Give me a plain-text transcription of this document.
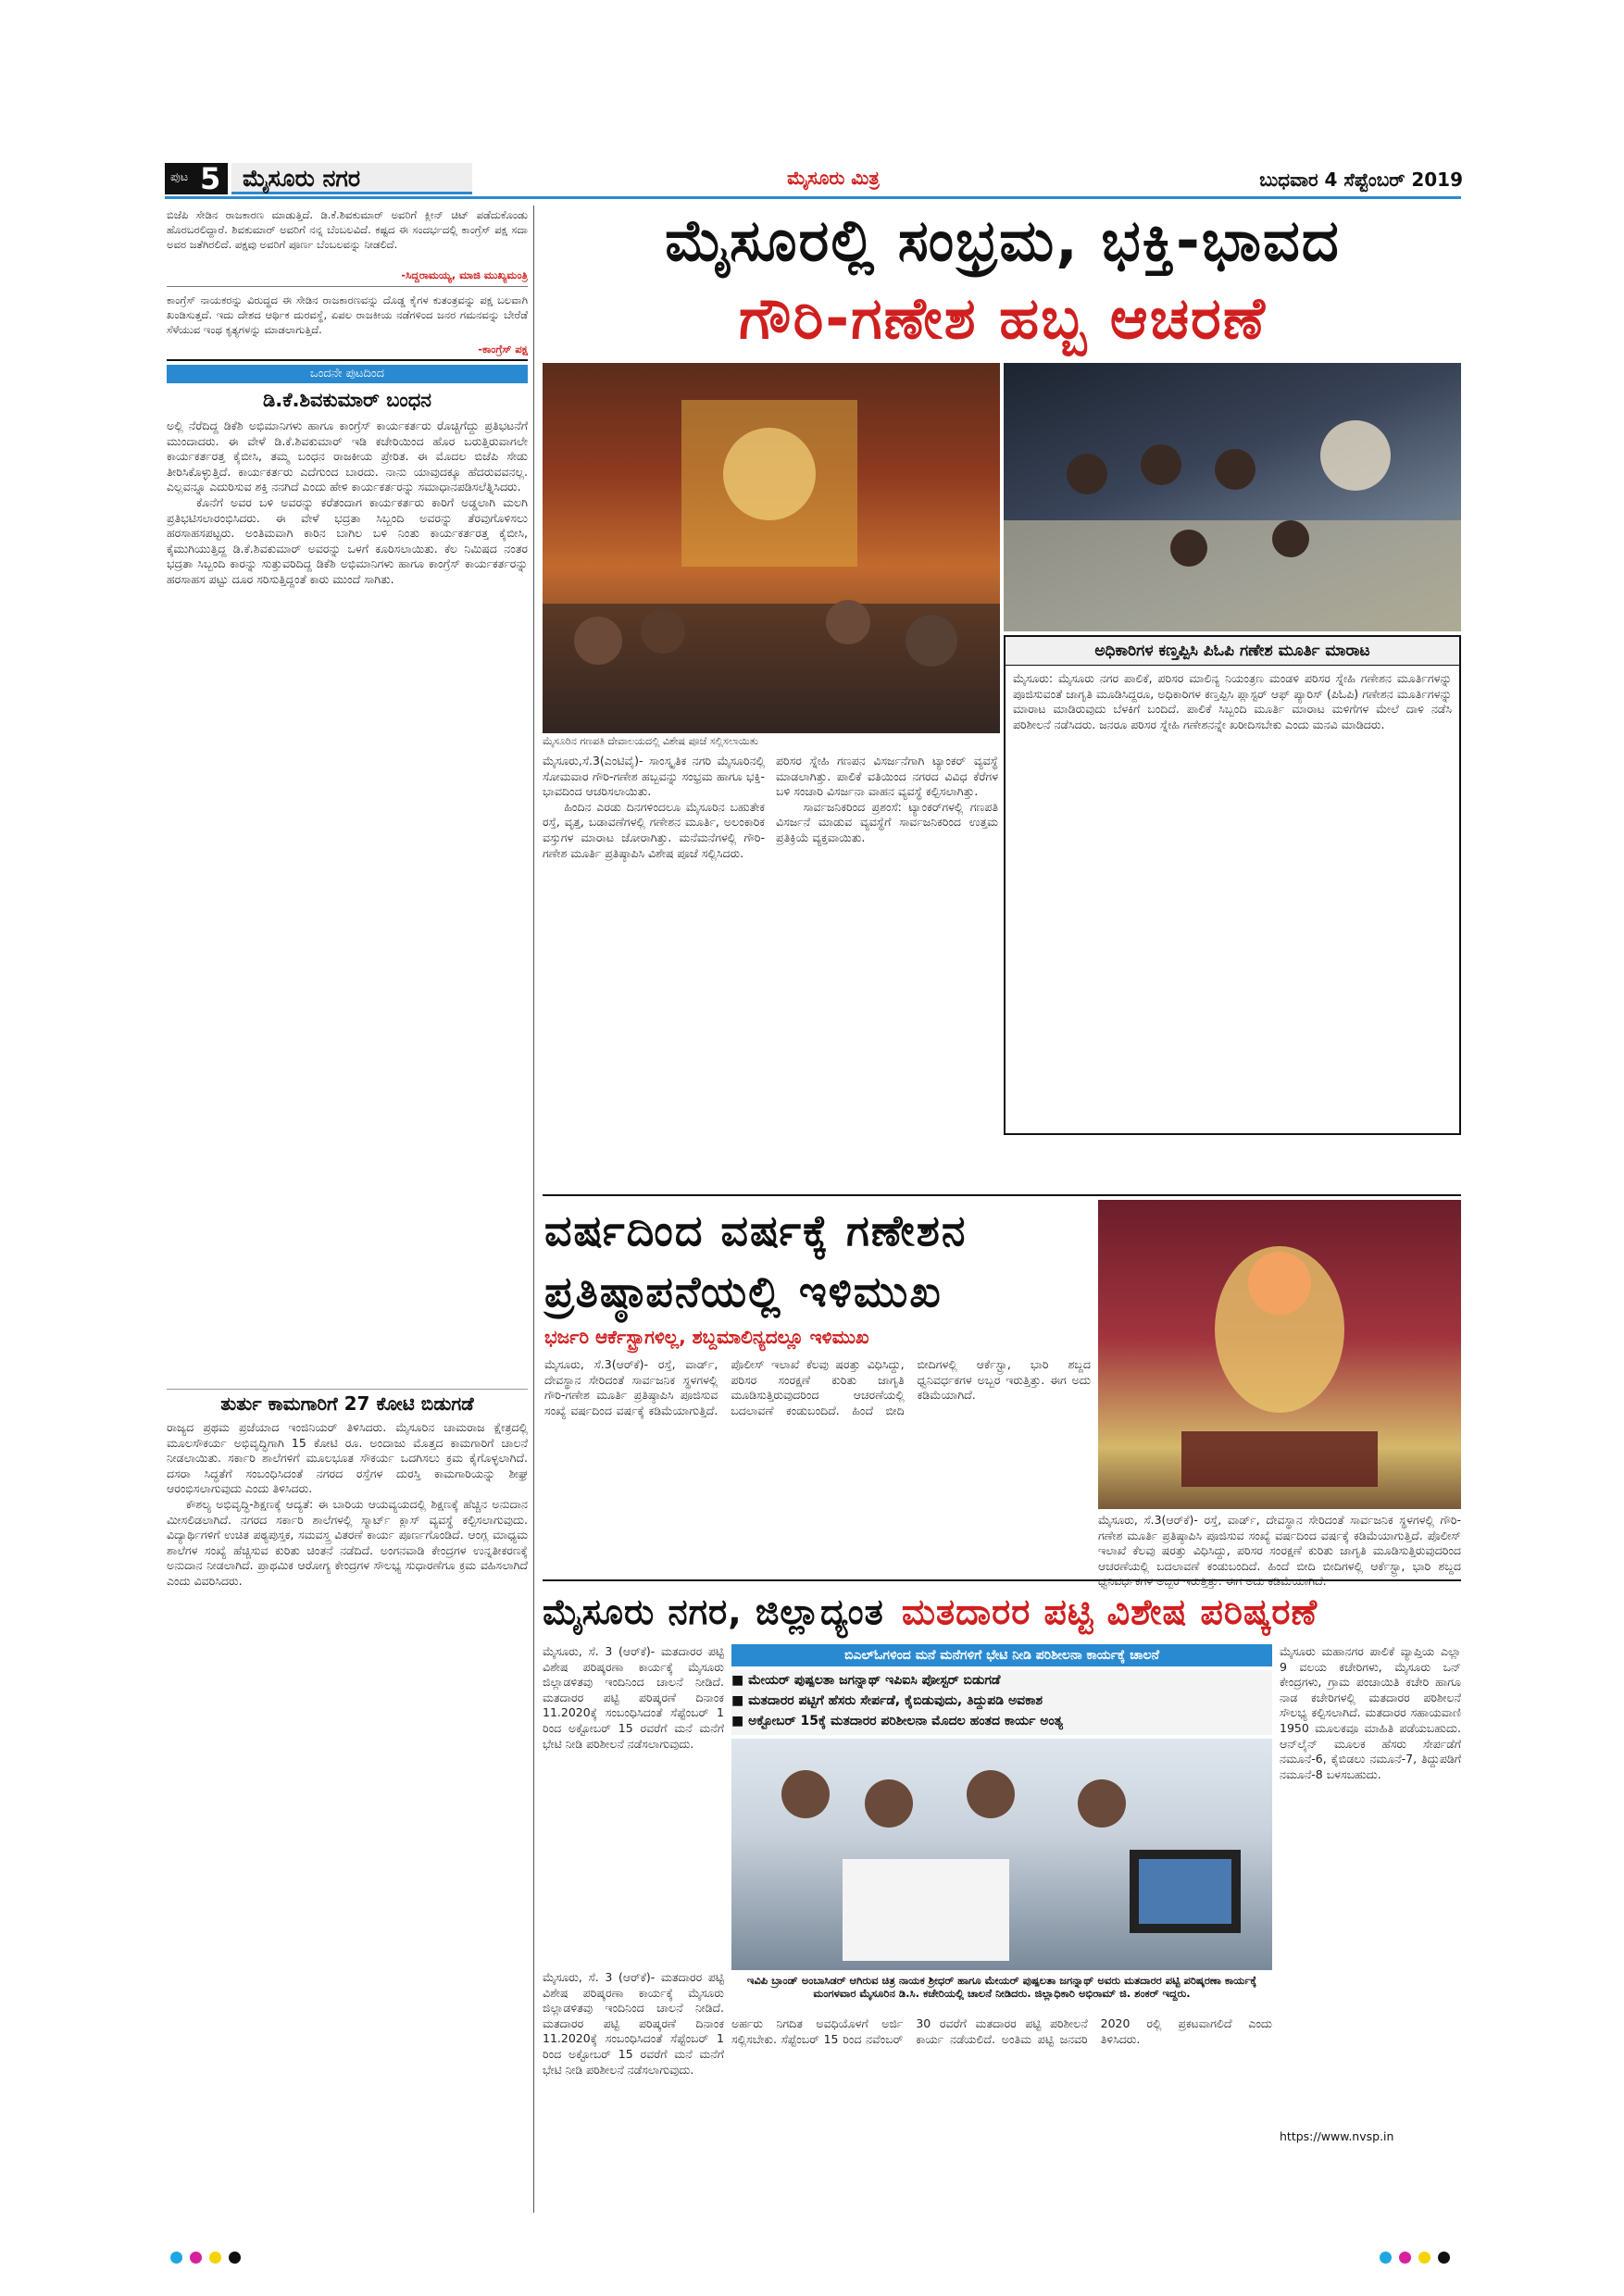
ಪುಟ 5 ಮೈಸೂರು ನಗರ	ಮೈಸೂರು ಮಿತ್ರ	ಬುಧವಾರ 4 ಸೆಪ್ಟೆಂಬರ್ 2019
ಬಿಜೆಪಿ ಸೇಡಿನ ರಾಜಕಾರಣ ಮಾಡುತ್ತಿದೆ. ಡಿ.ಕೆ.ಶಿವಕುಮಾರ್ ಅವರಿಗೆ ಕ್ಲೀನ್ ಚಿಟ್ ಪಡೆದುಕೊಂಡು ಹೊರಬರಲಿದ್ದಾರೆ. ಶಿವಕುಮಾರ್ ಅವರಿಗೆ ನನ್ನ ಬೆಂಬಲವಿದೆ. ಕಷ್ಟದ ಈ ಸಂದರ್ಭದಲ್ಲಿ ಕಾಂಗ್ರೆಸ್ ಪಕ್ಷ ಸದಾ ಅವರ ಜತೆಗಿರಲಿದೆ. ಪಕ್ಷವು ಅವರಿಗೆ ಪೂರ್ಣ ಬೆಂಬಲವನ್ನು ನೀಡಲಿದೆ.
-ಸಿದ್ದರಾಮಯ್ಯ, ಮಾಜಿ ಮುಖ್ಯಮಂತ್ರಿ
ಕಾಂಗ್ರೆಸ್ ನಾಯಕರನ್ನು ವಿರುದ್ಧದ ಈ ಸೇಡಿನ ರಾಜಕಾರಣವನ್ನು ದೊಡ್ಡ ಕೈಗಳ ಕುತಂತ್ರವನ್ನು ಪಕ್ಷ ಬಲವಾಗಿ ಖಂಡಿಸುತ್ತದೆ. ಇದು ದೇಶದ ಆರ್ಥಿಕ ದುರವಸ್ಥೆ, ಏಪಲ ರಾಜಕೀಯ ನಡೆಗಳಿಂದ ಜನರ ಗಮನವನ್ನು ಬೇರೆಡೆ ಸೆಳೆಯುವ ಇಂಥ ಕೃತ್ಯಗಳನ್ನು ಮಾಡಲಾಗುತ್ತಿದೆ.
-ಕಾಂಗ್ರೆಸ್ ಪಕ್ಷ
ಒಂದನೇ ಪುಟದಿಂದ
ಡಿ.ಕೆ.ಶಿವಕುಮಾರ್ ಬಂಧನ
ಅಲ್ಲಿ ನೆರೆದಿದ್ದ ಡಿಕೆಶಿ ಅಭಿಮಾನಿಗಳು ಹಾಗೂ ಕಾಂಗ್ರೆಸ್ ಕಾರ್ಯಕರ್ತರು ರೊಚ್ಚಿಗೆದ್ದು ಪ್ರತಿಭಟನೆಗೆ ಮುಂದಾದರು. ಈ ವೇಳೆ ಡಿ.ಕೆ.ಶಿವಕುಮಾರ್ ಇಡಿ ಕಚೇರಿಯಿಂದ ಹೊರ ಬರುತ್ತಿರುವಾಗಲೇ ಕಾರ್ಯಕರ್ತರತ್ತ ಕೈಬೀಸಿ, ತಮ್ಮ ಬಂಧನ ರಾಜಕೀಯ ಪ್ರೇರಿತ. ಈ ಮೊದಲ ಬಿಜೆಪಿ ಸೇಡು ತೀರಿಸಿಕೊಳ್ಳುತ್ತಿದೆ. ಕಾರ್ಯಕರ್ತರು ಎದೆಗುಂದ ಬಾರದು. ನಾನು ಯಾವುದಕ್ಕೂ ಹೆದರುವವನಲ್ಲ. ಎಲ್ಲವನ್ನೂ ಎದುರಿಸುವ ಶಕ್ತಿ ನನಗಿದೆ ಎಂದು ಹೇಳಿ ಕಾರ್ಯಕರ್ತರನ್ನು ಸಮಾಧಾನಪಡಿಸಲೆತ್ನಿಸಿದರು.
ಕೊನೆಗೆ ಅವರ ಬಳಿ ಅವರನ್ನು ಕರೆತಂದಾಗ ಕಾರ್ಯಕರ್ತರು ಕಾರಿಗೆ ಅಡ್ಡಲಾಗಿ ಮಲಗಿ ಪ್ರತಿಭಟಿಸಲಾರಂಭಿಸಿದರು. ಈ ವೇಳೆ ಭದ್ರತಾ ಸಿಬ್ಬಂದಿ ಅವರನ್ನು ತೆರವುಗೊಳಿಸಲು ಹರಸಾಹಸಪಟ್ಟರು. ಅಂತಿಮವಾಗಿ ಕಾರಿನ ಬಾಗಿಲ ಬಳಿ ನಿಂತು ಕಾರ್ಯಕರ್ತರತ್ತ ಕೈಬೀಸಿ, ಕೈಮುಗಿಯುತ್ತಿದ್ದ ಡಿ.ಕೆ.ಶಿವಕುಮಾರ್ ಅವರನ್ನು ಒಳಗೆ ಕೂರಿಸಲಾಯಿತು. ಕೆಲ ನಿಮಿಷದ ನಂತರ ಭದ್ರತಾ ಸಿಬ್ಬಂದಿ ಕಾರನ್ನು ಸುತ್ತುವರಿದಿದ್ದ ಡಿಕೆಶಿ ಅಭಿಮಾನಿಗಳು ಹಾಗೂ ಕಾಂಗ್ರೆಸ್ ಕಾರ್ಯಕರ್ತರನ್ನು ಹರಸಾಹಸ ಪಟ್ಟು ದೂರ ಸರಿಸುತ್ತಿದ್ದಂತೆ ಕಾರು ಮುಂದೆ ಸಾಗಿತು.
ತುರ್ತು ಕಾಮಗಾರಿಗೆ 27 ಕೋಟಿ ಬಿಡುಗಡೆ
ರಾಜ್ಯದ ಪ್ರಥಮ ಪ್ರಜೆಯಾದ ಇಂಜಿನಿಯರ್ ತಿಳಿಸಿದರು. ಮೈಸೂರಿನ ಚಾಮರಾಜ ಕ್ಷೇತ್ರದಲ್ಲಿ ಮೂಲಸೌಕರ್ಯ ಅಭಿವೃದ್ಧಿಗಾಗಿ 15 ಕೋಟಿ ರೂ. ಅಂದಾಜು ಮೊತ್ತದ ಕಾಮಗಾರಿಗೆ ಚಾಲನೆ ನೀಡಲಾಯಿತು. ಸರ್ಕಾರಿ ಶಾಲೆಗಳಿಗೆ ಮೂಲಭೂತ ಸೌಕರ್ಯ ಒದಗಿಸಲು ಕ್ರಮ ಕೈಗೊಳ್ಳಲಾಗಿದೆ. ದಸರಾ ಸಿದ್ಧತೆಗೆ ಸಂಬಂಧಿಸಿದಂತೆ ನಗರದ ರಸ್ತೆಗಳ ದುರಸ್ತಿ ಕಾಮಗಾರಿಯನ್ನು ಶೀಘ್ರ ಆರಂಭಿಸಲಾಗುವುದು ಎಂದು ತಿಳಿಸಿದರು.
ಕೌಶಲ್ಯ ಅಭಿವೃದ್ಧಿ-ಶಿಕ್ಷಣಕ್ಕೆ ಆದ್ಯತೆ: ಈ ಬಾರಿಯ ಆಯವ್ಯಯದಲ್ಲಿ ಶಿಕ್ಷಣಕ್ಕೆ ಹೆಚ್ಚಿನ ಅನುದಾನ ಮೀಸಲಿಡಲಾಗಿದೆ. ನಗರದ ಸರ್ಕಾರಿ ಶಾಲೆಗಳಲ್ಲಿ ಸ್ಮಾರ್ಟ್ ಕ್ಲಾಸ್ ವ್ಯವಸ್ಥೆ ಕಲ್ಪಿಸಲಾಗುವುದು. ವಿದ್ಯಾರ್ಥಿಗಳಿಗೆ ಉಚಿತ ಪಠ್ಯಪುಸ್ತಕ, ಸಮವಸ್ತ್ರ ವಿತರಣೆ ಕಾರ್ಯ ಪೂರ್ಣಗೊಂಡಿದೆ. ಆಂಗ್ಲ ಮಾಧ್ಯಮ ಶಾಲೆಗಳ ಸಂಖ್ಯೆ ಹೆಚ್ಚಿಸುವ ಕುರಿತು ಚಿಂತನೆ ನಡೆದಿದೆ. ಅಂಗನವಾಡಿ ಕೇಂದ್ರಗಳ ಉನ್ನತೀಕರಣಕ್ಕೆ ಅನುದಾನ ನೀಡಲಾಗಿದೆ. ಪ್ರಾಥಮಿಕ ಆರೋಗ್ಯ ಕೇಂದ್ರಗಳ ಸೌಲಭ್ಯ ಸುಧಾರಣೆಗೂ ಕ್ರಮ ವಹಿಸಲಾಗಿದೆ ಎಂದು ವಿವರಿಸಿದರು.
ಮೈಸೂರಲ್ಲಿ ಸಂಭ್ರಮ, ಭಕ್ತಿ-ಭಾವದ
ಗೌರಿ-ಗಣೇಶ ಹಬ್ಬ ಆಚರಣೆ
ಮೈಸೂರಿನ ಗಣಪತಿ ದೇವಾಲಯದಲ್ಲಿ ವಿಶೇಷ ಪೂಜೆ ಸಲ್ಲಿಸಲಾಯಿತು
ಮೈಸೂರು,ಸೆ.3(ಎಂಟಿವೈ)- ಸಾಂಸ್ಕೃತಿಕ ನಗರಿ ಮೈಸೂರಿನಲ್ಲಿ ಸೋಮವಾರ ಗೌರಿ-ಗಣೇಶ ಹಬ್ಬವನ್ನು ಸಂಭ್ರಮ ಹಾಗೂ ಭಕ್ತಿ-ಭಾವದಿಂದ ಆಚರಿಸಲಾಯಿತು.
ಹಿಂದಿನ ಎರಡು ದಿನಗಳಿಂದಲೂ ಮೈಸೂರಿನ ಬಹುತೇಕ ರಸ್ತೆ, ವೃತ್ತ, ಬಡಾವಣೆಗಳಲ್ಲಿ ಗಣೇಶನ ಮೂರ್ತಿ, ಅಲಂಕಾರಿಕ ವಸ್ತುಗಳ ಮಾರಾಟ ಜೋರಾಗಿತ್ತು. ಮನೆಮನೆಗಳಲ್ಲಿ ಗೌರಿ-ಗಣೇಶ ಮೂರ್ತಿ ಪ್ರತಿಷ್ಠಾಪಿಸಿ ವಿಶೇಷ ಪೂಜೆ ಸಲ್ಲಿಸಿದರು.
ಪರಿಸರ ಸ್ನೇಹಿ ಗಣಪನ ವಿಸರ್ಜನೆಗಾಗಿ ಟ್ಯಾಂಕರ್ ವ್ಯವಸ್ಥೆ ಮಾಡಲಾಗಿತ್ತು. ಪಾಲಿಕೆ ವತಿಯಿಂದ ನಗರದ ವಿವಿಧ ಕೆರೆಗಳ ಬಳಿ ಸಂಚಾರಿ ವಿಸರ್ಜನಾ ವಾಹನ ವ್ಯವಸ್ಥೆ ಕಲ್ಪಿಸಲಾಗಿತ್ತು.
ಸಾರ್ವಜನಿಕರಿಂದ ಪ್ರಶಂಸೆ: ಟ್ಯಾಂಕರ್‌ಗಳಲ್ಲಿ ಗಣಪತಿ ವಿಸರ್ಜನೆ ಮಾಡುವ ವ್ಯವಸ್ಥೆಗೆ ಸಾರ್ವಜನಿಕರಿಂದ ಉತ್ತಮ ಪ್ರತಿಕ್ರಿಯೆ ವ್ಯಕ್ತವಾಯಿತು.
ಅಧಿಕಾರಿಗಳ ಕಣ್ತಪ್ಪಿಸಿ ಪಿಓಪಿ ಗಣೇಶ ಮೂರ್ತಿ ಮಾರಾಟ
ಮೈಸೂರು: ಮೈಸೂರು ನಗರ ಪಾಲಿಕೆ, ಪರಿಸರ ಮಾಲಿನ್ಯ ನಿಯಂತ್ರಣ ಮಂಡಳಿ ಪರಿಸರ ಸ್ನೇಹಿ ಗಣೇಶನ ಮೂರ್ತಿಗಳನ್ನು ಪೂಜಿಸುವಂತೆ ಜಾಗೃತಿ ಮೂಡಿಸಿದ್ದರೂ, ಅಧಿಕಾರಿಗಳ ಕಣ್ತಪ್ಪಿಸಿ ಪ್ಲಾಸ್ಟರ್ ಆಫ್ ಪ್ಯಾರಿಸ್ (ಪಿಓಪಿ) ಗಣೇಶನ ಮೂರ್ತಿಗಳನ್ನು ಮಾರಾಟ ಮಾಡಿರುವುದು ಬೆಳಕಿಗೆ ಬಂದಿದೆ. ಪಾಲಿಕೆ ಸಿಬ್ಬಂದಿ ಮೂರ್ತಿ ಮಾರಾಟ ಮಳಿಗೆಗಳ ಮೇಲೆ ದಾಳಿ ನಡೆಸಿ ಪರಿಶೀಲನೆ ನಡೆಸಿದರು. ಜನರೂ ಪರಿಸರ ಸ್ನೇಹಿ ಗಣೇಶನನ್ನೇ ಖರೀದಿಸಬೇಕು ಎಂದು ಮನವಿ ಮಾಡಿದರು.
ವರ್ಷದಿಂದ ವರ್ಷಕ್ಕೆ ಗಣೇಶನ
ಪ್ರತಿಷ್ಠಾಪನೆಯಲ್ಲಿ ಇಳಿಮುಖ
ಭರ್ಜರಿ ಆರ್ಕೆಸ್ಟ್ರಾಗಳಿಲ್ಲ, ಶಬ್ದಮಾಲಿನ್ಯದಲ್ಲೂ ಇಳಿಮುಖ
ಮೈಸೂರು, ಸೆ.3(ಆರ್‌ಕೆ)- ರಸ್ತೆ, ವಾರ್ಡ್, ದೇವಸ್ಥಾನ ಸೇರಿದಂತೆ ಸಾರ್ವಜನಿಕ ಸ್ಥಳಗಳಲ್ಲಿ ಗೌರಿ-ಗಣೇಶ ಮೂರ್ತಿ ಪ್ರತಿಷ್ಠಾಪಿಸಿ ಪೂಜಿಸುವ ಸಂಖ್ಯೆ ವರ್ಷದಿಂದ ವರ್ಷಕ್ಕೆ ಕಡಿಮೆಯಾಗುತ್ತಿದೆ. ಪೊಲೀಸ್ ಇಲಾಖೆ ಕೆಲವು ಷರತ್ತು ವಿಧಿಸಿದ್ದು, ಪರಿಸರ ಸಂರಕ್ಷಣೆ ಕುರಿತು ಜಾಗೃತಿ ಮೂಡಿಸುತ್ತಿರುವುದರಿಂದ ಆಚರಣೆಯಲ್ಲಿ ಬದಲಾವಣೆ ಕಂಡುಬಂದಿದೆ. ಹಿಂದೆ ಬೀದಿ ಬೀದಿಗಳಲ್ಲಿ ಆರ್ಕೆಸ್ಟ್ರಾ, ಭಾರಿ ಶಬ್ದದ ಧ್ವನಿವರ್ಧಕಗಳ ಅಬ್ಬರ ಇರುತ್ತಿತ್ತು. ಈಗ ಅದು ಕಡಿಮೆಯಾಗಿದೆ.
ಮೈಸೂರು, ಸೆ.3(ಆರ್‌ಕೆ)- ರಸ್ತೆ, ವಾರ್ಡ್, ದೇವಸ್ಥಾನ ಸೇರಿದಂತೆ ಸಾರ್ವಜನಿಕ ಸ್ಥಳಗಳಲ್ಲಿ ಗೌರಿ-ಗಣೇಶ ಮೂರ್ತಿ ಪ್ರತಿಷ್ಠಾಪಿಸಿ ಪೂಜಿಸುವ ಸಂಖ್ಯೆ ವರ್ಷದಿಂದ ವರ್ಷಕ್ಕೆ ಕಡಿಮೆಯಾಗುತ್ತಿದೆ. ಪೊಲೀಸ್ ಇಲಾಖೆ ಕೆಲವು ಷರತ್ತು ವಿಧಿಸಿದ್ದು, ಪರಿಸರ ಸಂರಕ್ಷಣೆ ಕುರಿತು ಜಾಗೃತಿ ಮೂಡಿಸುತ್ತಿರುವುದರಿಂದ ಆಚರಣೆಯಲ್ಲಿ ಬದಲಾವಣೆ ಕಂಡುಬಂದಿದೆ. ಹಿಂದೆ ಬೀದಿ ಬೀದಿಗಳಲ್ಲಿ ಆರ್ಕೆಸ್ಟ್ರಾ, ಭಾರಿ ಶಬ್ದದ
ಮೈಸೂರು ನಗರ, ಜಿಲ್ಲಾದ್ಯಂತ ಮತದಾರರ ಪಟ್ಟಿ ವಿಶೇಷ ಪರಿಷ್ಕರಣೆ
ಮೈಸೂರು, ಸೆ. 3 (ಆರ್‌ಕೆ)- ಮತದಾರರ ಪಟ್ಟಿ ವಿಶೇಷ ಪರಿಷ್ಕರಣಾ ಕಾರ್ಯಕ್ಕೆ ಮೈಸೂರು ಜಿಲ್ಲಾಡಳಿತವು ಇಂದಿನಿಂದ ಚಾಲನೆ ನೀಡಿದೆ. ಮತದಾರರ ಪಟ್ಟಿ ಪರಿಷ್ಕರಣೆ ದಿನಾಂಕ 11.2020ಕ್ಕೆ ಸಂಬಂಧಿಸಿದಂತೆ ಸೆಪ್ಟೆಂಬರ್ 1 ರಿಂದ ಅಕ್ಟೋಬರ್ 15 ರವರೆಗೆ ಮನೆ ಮನೆಗೆ ಭೇಟಿ ನೀಡಿ ಪರಿಶೀಲನೆ ನಡೆಸಲಾಗುವುದು.
ಬಿಎಲ್ಓಗಳಿಂದ ಮನೆ ಮನೆಗಳಿಗೆ ಭೇಟಿ ನೀಡಿ ಪರಿಶೀಲನಾ ಕಾರ್ಯಕ್ಕೆ ಚಾಲನೆ
■ ಮೇಯರ್ ಪುಷ್ಪಲತಾ ಜಗನ್ನಾಥ್ ಇಪಿಐಸಿ ಪೋಸ್ಟರ್ ಬಿಡುಗಡೆ
■ ಮತದಾರರ ಪಟ್ಟಿಗೆ ಹೆಸರು ಸೇರ್ಪಡೆ, ಕೈಬಿಡುವುದು, ತಿದ್ದುಪಡಿ ಅವಕಾಶ
■ ಅಕ್ಟೋಬರ್ 15ಕ್ಕೆ ಮತದಾರರ ಪರಿಶೀಲನಾ ಮೊದಲ ಹಂತದ ಕಾರ್ಯ ಅಂತ್ಯ
ಇವಿಪಿ ಬ್ರಾಂಡ್ ಅಂಬಾಸಿಡರ್ ಆಗಿರುವ ಚಿತ್ರ ನಾಯಕ ಶ್ರೀಧರ್ ಹಾಗೂ ಮೇಯರ್ ಪುಷ್ಪಲತಾ ಜಗನ್ನಾಥ್ ಅವರು ಮತದಾರರ ಪಟ್ಟಿ ಪರಿಷ್ಕರಣಾ ಕಾರ್ಯಕ್ಕೆ ಮಂಗಳವಾರ ಮೈಸೂರಿನ ಡಿ.ಸಿ. ಕಚೇರಿಯಲ್ಲಿ ಚಾಲನೆ ನೀಡಿದರು. ಜಿಲ್ಲಾಧಿಕಾರಿ ಅಭಿರಾಮ್ ಜಿ. ಶಂಕರ್ ಇದ್ದರು.
ಅರ್ಹರು ನಿಗದಿತ ಅವಧಿಯೊಳಗೆ ಅರ್ಜಿ ಸಲ್ಲಿಸಬೇಕು. ಸೆಪ್ಟೆಂಬರ್ 15 ರಿಂದ ನವೆಂಬರ್ 30 ರವರೆಗೆ ಮತದಾರರ ಪಟ್ಟಿ ಪರಿಶೀಲನೆ ಕಾರ್ಯ ನಡೆಯಲಿದೆ. ಅಂತಿಮ ಪಟ್ಟಿ ಜನವರಿ 2020 ರಲ್ಲಿ ಪ್ರಕಟವಾಗಲಿದೆ ಎಂದು ತಿಳಿಸಿದರು.
ಮೈಸೂರು, ಸೆ. 3 (ಆರ್‌ಕೆ)- ಮತದಾರರ ಪಟ್ಟಿ ವಿಶೇಷ ಪರಿಷ್ಕರಣಾ ಕಾರ್ಯಕ್ಕೆ ಮೈಸೂರು ಜಿಲ್ಲಾಡಳಿತವು ಇಂದಿನಿಂದ ಚಾಲನೆ ನೀಡಿದೆ. ಮತದಾರರ ಪಟ್ಟಿ ಪರಿಷ್ಕರಣೆ ದಿನಾಂಕ 11.2020ಕ್ಕೆ ಸಂಬಂಧಿಸಿದಂತೆ ಸೆಪ್ಟೆಂಬರ್ 1 ರಿಂದ ಅಕ್ಟೋಬರ್ 15 ರವರೆಗೆ ಮನೆ ಮನೆಗೆ ಭೇಟಿ ನೀಡಿ ಪರಿಶೀಲನೆ ನಡೆಸಲಾಗುವುದು.
ಮೈಸೂರು ಮಹಾನಗರ ಪಾಲಿಕೆ ವ್ಯಾಪ್ತಿಯ ಎಲ್ಲಾ 9 ವಲಯ ಕಚೇರಿಗಳು, ಮೈಸೂರು ಒನ್ ಕೇಂದ್ರಗಳು, ಗ್ರಾಮ ಪಂಚಾಯಿತಿ ಕಚೇರಿ ಹಾಗೂ ನಾಡ ಕಚೇರಿಗಳಲ್ಲಿ ಮತದಾರರ ಪರಿಶೀಲನೆ ಸೌಲಭ್ಯ ಕಲ್ಪಿಸಲಾಗಿದೆ. ಮತದಾರರ ಸಹಾಯವಾಣಿ 1950 ಮೂಲಕವೂ ಮಾಹಿತಿ ಪಡೆಯಬಹುದು. ಆನ್‌ಲೈನ್ ಮೂಲಕ ಹೆಸರು ಸೇರ್ಪಡೆಗೆ ನಮೂನೆ-6, ಕೈಬಿಡಲು ನಮೂನೆ-7, ತಿದ್ದುಪಡಿಗೆ ನಮೂನೆ-8 ಬಳಸಬಹುದು.
https://www.nvsp.in
